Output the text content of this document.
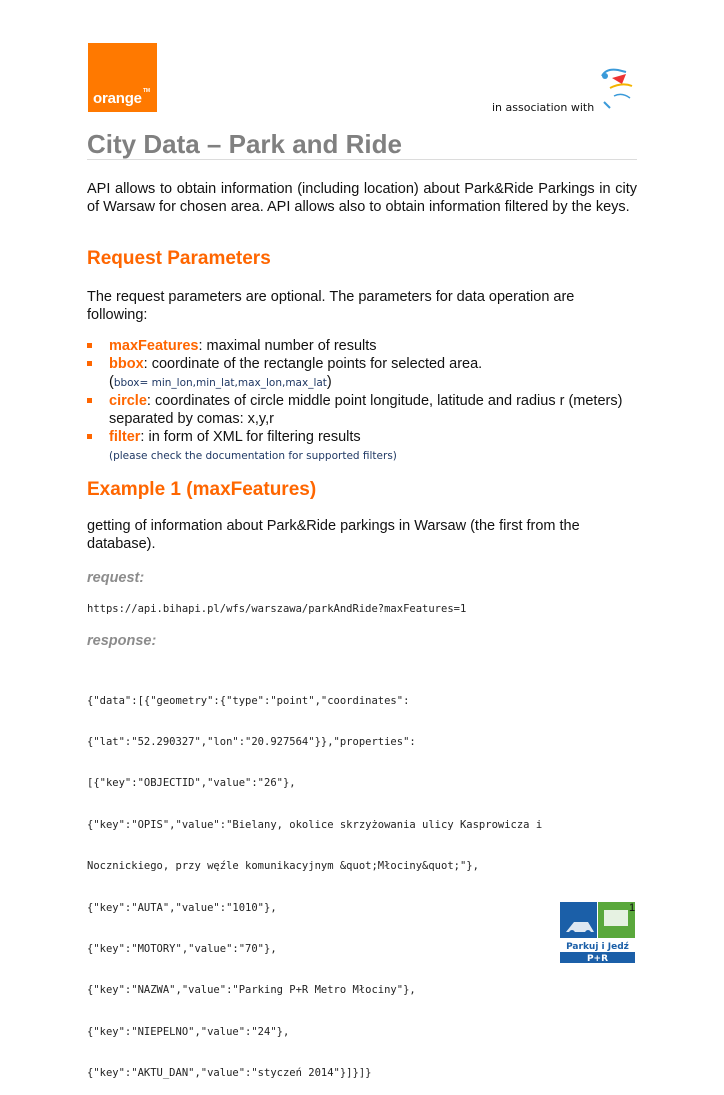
orange TM
in association with
City Data – Park and Ride

API allows to obtain information (including location) about Park&Ride Parkings in city of Warsaw for chosen area. API allows also to obtain information filtered by the keys.

Request Parameters

The request parameters are optional. The parameters for data operation are following:

maxFeatures: maximal number of results
bbox: coordinate of the rectangle points for selected area.
(bbox= min_lon,min_lat,max_lon,max_lat)
circle: coordinates of circle middle point longitude, latitude and radius r (meters) separated by comas: x,y,r
filter: in form of XML for filtering results
(please check the documentation for supported filters)
Example 1 (maxFeatures)

getting of information about Park&Ride parkings in Warsaw (the first from the database).

request:

https://api.bihapi.pl/wfs/warszawa/parkAndRide?maxFeatures=1

response:

{"data":[{"geometry":{"type":"point","coordinates":

{"lat":"52.290327","lon":"20.927564"}},"properties":

[{"key":"OBJECTID","value":"26"},

{"key":"OPIS","value":"Bielany, okolice skrzyżowania ulicy Kasprowicza i

Nocznickiego, przy węźle komunikacyjnym &quot;Młociny&quot;"},

{"key":"AUTA","value":"1010"},

{"key":"MOTORY","value":"70"},

{"key":"NAZWA","value":"Parking P+R Metro Młociny"},

{"key":"NIEPELNO","value":"24"},

{"key":"AKTU_DAN","value":"styczeń 2014"}]}]}

Parkuj i Jedź
P+R
1
